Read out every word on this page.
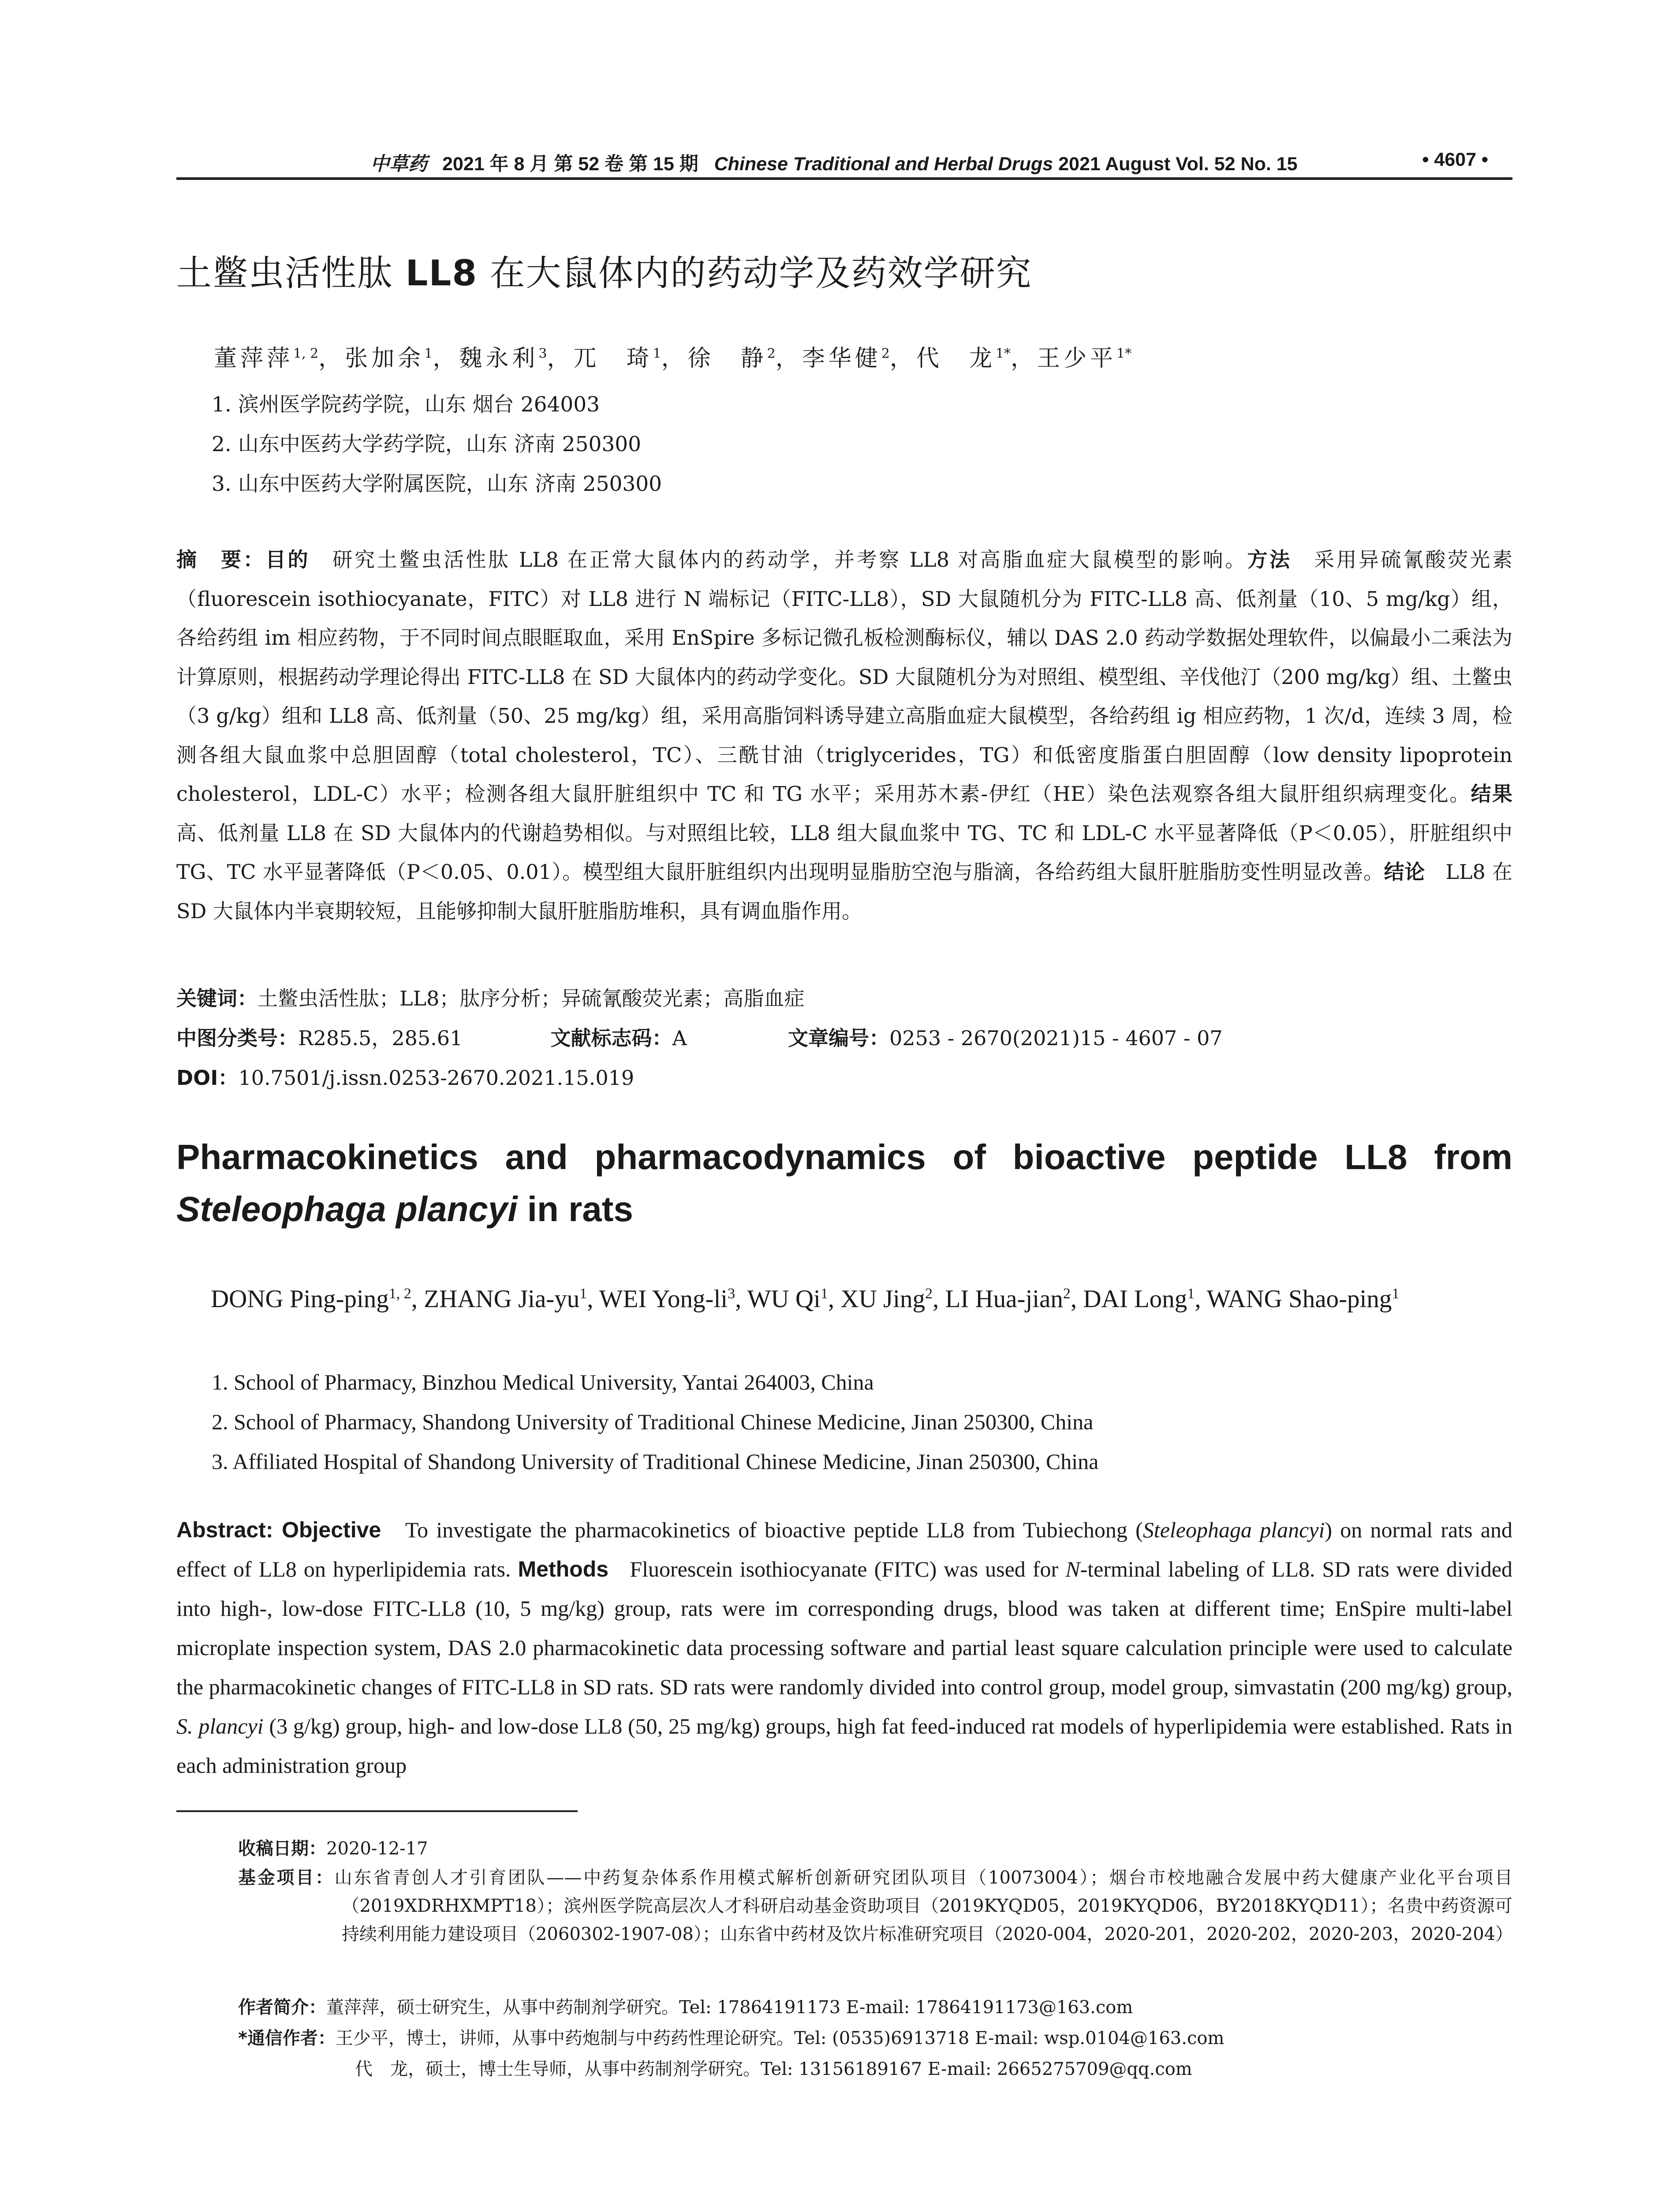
中草药 2021 年 8 月 第 52 卷 第 15 期 Chinese Traditional and Herbal Drugs 2021 August Vol. 52 No. 15	• 4607 •
土鳖虫活性肽 LL8 在大鼠体内的药动学及药效学研究
董萍萍$^{1, 2}$，张加余$^1$，魏永利$^3$，兀　琦$^1$，徐　静$^2$，李华健$^2$，代　龙$^{1*}$，王少平$^{1*}$
1. 滨州医学院药学院，山东 烟台 264003
2. 山东中医药大学药学院，山东 济南 250300
3. 山东中医药大学附属医院，山东 济南 250300
摘　要：目的　 研究土鳖虫活性肽 LL8 在正常大鼠体内的药动学，并考察 LL8 对高脂血症大鼠模型的影响。方法　 采用异硫氰酸荧光素（fluorescein isothiocyanate，FITC）对 LL8 进行 N 端标记（FITC-LL8），SD 大鼠随机分为 FITC-LL8 高、低剂量（10、5 mg/kg）组，各给药组 im 相应药物，于不同时间点眼眶取血，采用 EnSpire 多标记微孔板检测酶标仪，辅以 DAS 2.0 药动学数据处理软件，以偏最小二乘法为计算原则，根据药动学理论得出 FITC-LL8 在 SD 大鼠体内的药动学变化。SD 大鼠随机分为对照组、模型组、辛伐他汀（200 mg/kg）组、土鳖虫（3 g/kg）组和 LL8 高、低剂量（50、25 mg/kg）组，采用高脂饲料诱导建立高脂血症大鼠模型，各给药组 ig 相应药物，1 次/d，连续 3 周，检测各组大鼠血浆中总胆固醇（total cholesterol，TC）、三酰甘油（triglycerides，TG）和低密度脂蛋白胆固醇（low density lipoprotein cholesterol，LDL-C）水平；检测各组大鼠肝脏组织中 TC 和 TG 水平；采用苏木素-伊红（HE）染色法观察各组大鼠肝组织病理变化。结果　高、低剂量 LL8 在 SD 大鼠体内的代谢趋势相似。与对照组比较，LL8 组大鼠血浆中 TG、TC 和 LDL-C 水平显著降低（P＜0.05），肝脏组织中 TG、TC 水平显著降低（P＜0.05、0.01）。模型组大鼠肝脏组织内出现明显脂肪空泡与脂滴，各给药组大鼠肝脏脂肪变性明显改善。结论　 LL8 在 SD 大鼠体内半衰期较短，且能够抑制大鼠肝脏脂肪堆积，具有调血脂作用。
关键词：土鳖虫活性肽；LL8；肽序分析；异硫氰酸荧光素；高脂血症
中图分类号：R285.5，285.61	文献标志码：A	文章编号：0253 - 2670(2021)15 - 4607 - 07
DOI：10.7501/j.issn.0253-2670.2021.15.019
Pharmacokinetics and pharmacodynamics of bioactive peptide LL8 from
Steleophaga plancyi in rats
DONG Ping-ping$^{1, 2}$, ZHANG Jia-$yu^1$, WEI Yong-$li^3$, WU Qi$^1$, XU Jing$^2$, LI Hua-jian$^2$, DAI Long$^1$, WANG Shao-ping$^1$
1. School of Pharmacy, Binzhou Medical University, Yantai 264003, China
2. School of Pharmacy, Shandong University of Traditional Chinese Medicine, Jinan 250300, China
3. Affiliated Hospital of Shandong University of Traditional Chinese Medicine, Jinan 250300, China
Abstract: Objective To investigate the pharmacokinetics of bioactive peptide LL8 from Tubiechong (Steleophaga plancyi) on normal rats and effect of LL8 on hyperlipidemia rats. Methods Fluorescein isothiocyanate (FITC) was used for N-terminal labeling of LL8. SD rats were divided into high-, low-dose FITC-LL8 (10, 5 mg/kg) group, rats were im corresponding drugs, blood was taken at different time; EnSpire multi-label microplate inspection system, DAS 2.0 pharmacokinetic data processing software and partial least square calculation principle were used to calculate the pharmacokinetic changes of FITC-LL8 in SD rats. SD rats were randomly divided into control group, model group, simvastatin (200 mg/kg) group, S. plancyi (3 g/kg) group, high- and low-dose LL8 (50, 25 mg/kg) groups, high fat feed-induced rat models of hyperlipidemia were established. Rats in each administration group
收稿日期：2020-12-17
基金项目：山东省青创人才引育团队——中药复杂体系作用模式解析创新研究团队项目（10073004）；烟台市校地融合发展中药大健康产业化平台项目（2019XDRHXMPT18）；滨州医学院高层次人才科研启动基金资助项目（2019KYQD05，2019KYQD06，BY2018KYQD11）；名贵中药资源可持续利用能力建设项目（2060302-1907-08）；山东省中药材及饮片标准研究项目（2020-004，2020-201，2020-202，2020-203，2020-204）
作者简介：董萍萍，硕士研究生，从事中药制剂学研究。Tel: 17864191173 E-mail: 17864191173@163.com
*通信作者：王少平，博士，讲师，从事中药炮制与中药药性理论研究。Tel: (0535)6913718 E-mail: wsp.0104@163.com
代　龙，硕士，博士生导师，从事中药制剂学研究。Tel: 13156189167 E-mail: 2665275709@qq.com
